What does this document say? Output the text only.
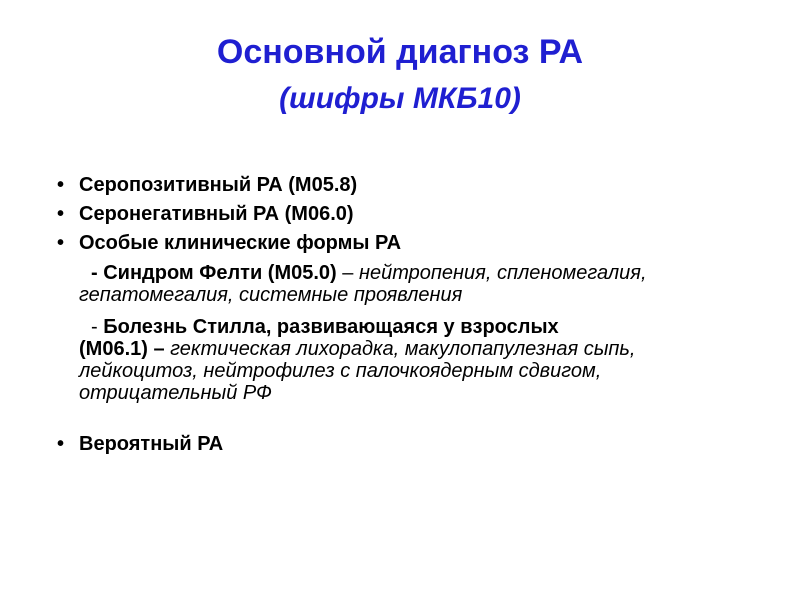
Основной диагноз РА
(шифры МКБ10)
• Серопозитивный РА (М05.8)
• Серонегативный РА (М06.0)
• Особые клинические формы РА
- Синдром Фелти (М05.0) – нейтропения, спленомегалия, гепатомегалия, системные проявления
- Болезнь Стилла, развивающаяся у взрослых
(М06.1) – гектическая лихорадка, макулопапулезная сыпь, лейкоцитоз, нейтрофилез с палочкоядерным сдвигом, отрицательный РФ
• Вероятный РА
